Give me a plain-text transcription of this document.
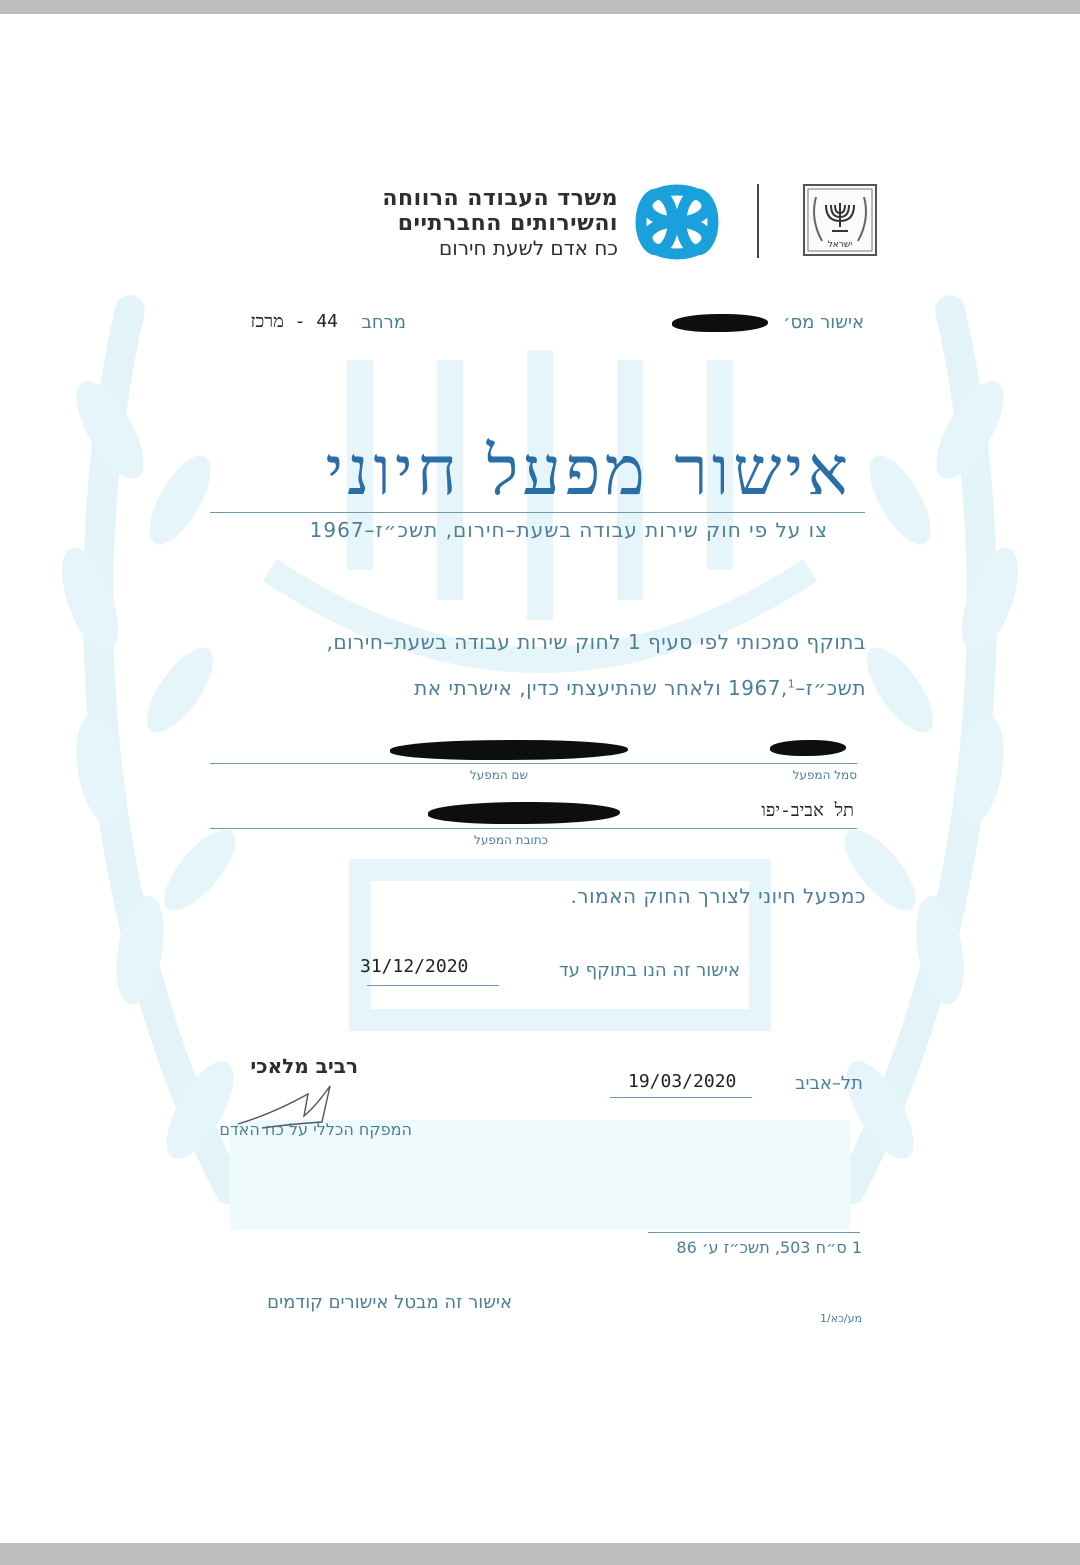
משרד העבודה הרווחה
והשירותים החברתיים
כח אדם לשעת חירום	ישראל
אישור מס׳
מרחב
44 - מרכז
אישור מפעל חיוני
צו על פי חוק שירות עבודה בשעת–חירום, תשכ״ז–1967
בתוקף סמכותי לפי סעיף 1 לחוק שירות עבודה בשעת–חירום,
תשכ״ז–1967,$^1$ ולאחר שהתיעצתי כדין, אישרתי את
סמל המפעל
שם המפעל
תל אביב-יפו
כתובת המפעל
כמפעל חיוני לצורך החוק האמור.
אישור זה הנו בתוקף עד
31/12/2020
תל–אביב
19/03/2020
רביב מלאכי
המפקח הכללי על כח האדם
1 ס״ח 503, תשכ״ז ע׳ 86
אישור זה מבטל אישורים קודמים
מע/כא/1
